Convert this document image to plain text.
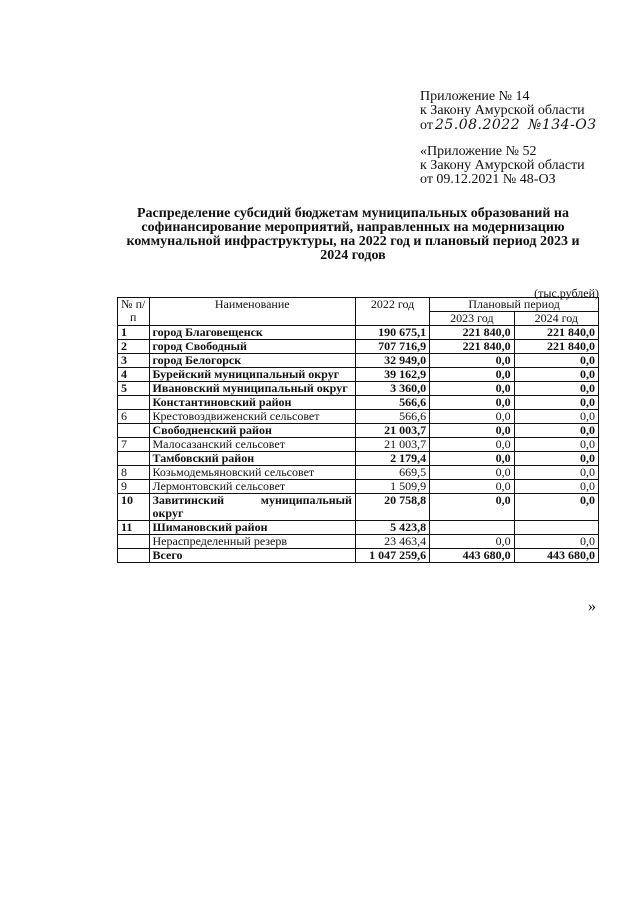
Приложение № 14
к Закону Амурской области
от 25.08.2022 №134-ОЗ
«Приложение № 52
к Закону Амурской области
от 09.12.2021 № 48-ОЗ
Распределение субсидий бюджетам муниципальных образований на
софинансирование мероприятий, направленных на модернизацию
коммунальной инфраструктуры, на 2022 год и плановый период 2023 и
2024 годов
(тыс.рублей)
№ п/п	Наименование	2022 год	Плановый период	
			2023 год	2024 год
1	город Благовещенск	190 675,1	221 840,0	221 840,0
2	город Свободный	707 716,9	221 840,0	221 840,0
3	город Белогорск	32 949,0	0,0	0,0
4	Бурейский муниципальный округ	39 162,9	0,0	0,0
5	Ивановский муниципальный округ	3 360,0	0,0	0,0
	Константиновский район	566,6	0,0	0,0
6	Крестовоздвиженский сельсовет	566,6	0,0	0,0
	Свободненский район	21 003,7	0,0	0,0
7	Малосазанский сельсовет	21 003,7	0,0	0,0
	Тамбовский район	2 179,4	0,0	0,0
8	Козьмодемьяновский сельсовет	669,5	0,0	0,0
9	Лермонтовский сельсовет	1 509,9	0,0	0,0
10	Завитинский муниципальный округ	20 758,8	0,0	0,0
11	Шимановский район	5 423,8		
	Нераспределенный резерв	23 463,4	0,0	0,0
	Всего	1 047 259,6	443 680,0	443 680,0
»
